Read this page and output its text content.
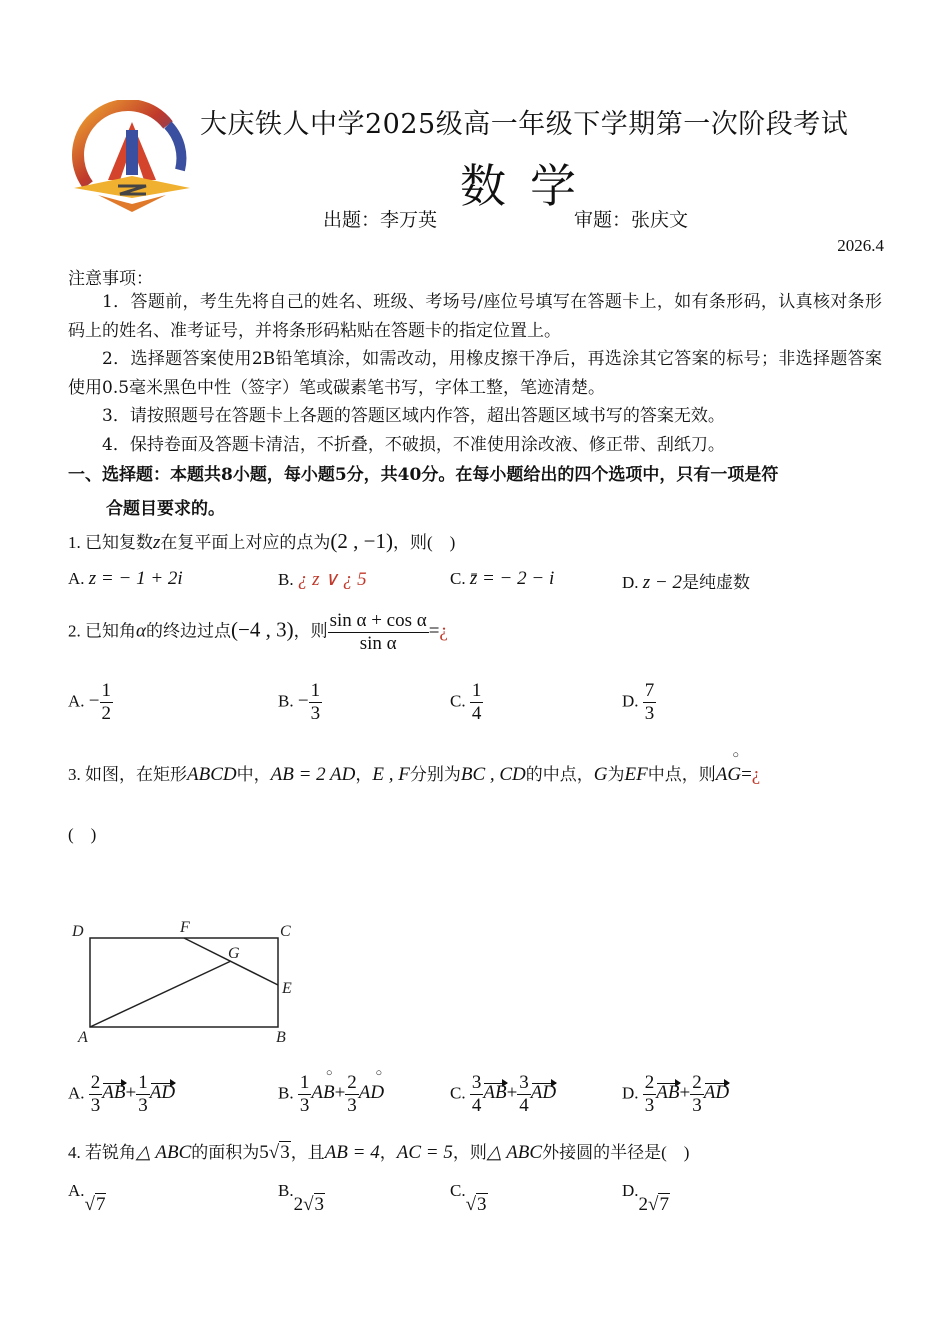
大庆铁人中学2025级高一年级下学期第一次阶段考试
数学
出题：李万英	审题：张庆文
2026.4
注意事项：
1．答题前，考生先将自己的姓名、班级、考场号/座位号填写在答题卡上，如有条形码，认真核对条形码上的姓名、准考证号，并将条形码粘贴在答题卡的指定位置上。
2．选择题答案使用2B铅笔填涂，如需改动，用橡皮擦干净后，再选涂其它答案的标号；非选择题答案使用0.5毫米黑色中性（签字）笔或碳素笔书写，字体工整，笔迹清楚。
3．请按照题号在答题卡上各题的答题区域内作答，超出答题区域书写的答案无效。
4．保持卷面及答题卡清洁，不折叠，不破损，不准使用涂改液、修正带、刮纸刀。
一、选择题：本题共8小题，每小题5分，共40分。在每小题给出的四个选项中，只有一项是符
合题目要求的。
1. 已知复数z在复平面上对应的点为(2 , −1)，则(　)
A. z = − 1 + 2i	B. ¿ z ∨ ¿ 5	C. z̄ = − 2 − i	D. z − 2是纯虚数
2. 已知角α的终边过点(−4 , 3)，则 $\frac{\text{sin α + cos α}}{\text{sin α}}$ =¿
A. − $\frac{1}{2}$	B. − $\frac{1}{3}$	C. $\frac{1}{4}$	D. $\frac{7}{3}$
3. 如图，在矩形ABCD中，AB = 2 AD，E , F分别为BC , CD的中点，G为EF中点，则
○
AG=¿
(　)
D	F	C
G
E
A	B
A. $\frac{2}{3} AB+ \frac{1}{3}$ AD	B. $\frac{1}{3}$ ○
$AB+ \frac{2}{3}$ ○
AD	C. $\frac{3}{4} AB+ \frac{3}{4}$ AD	D. $\frac{2}{3} AB+ \frac{2}{3}$ AD
4. 若锐角△ ABC的面积为5√3，且AB = 4，AC = 5，则△ ABC外接圆的半径是(　)
A.√7
B.2√3
C.√3
D.2√7
